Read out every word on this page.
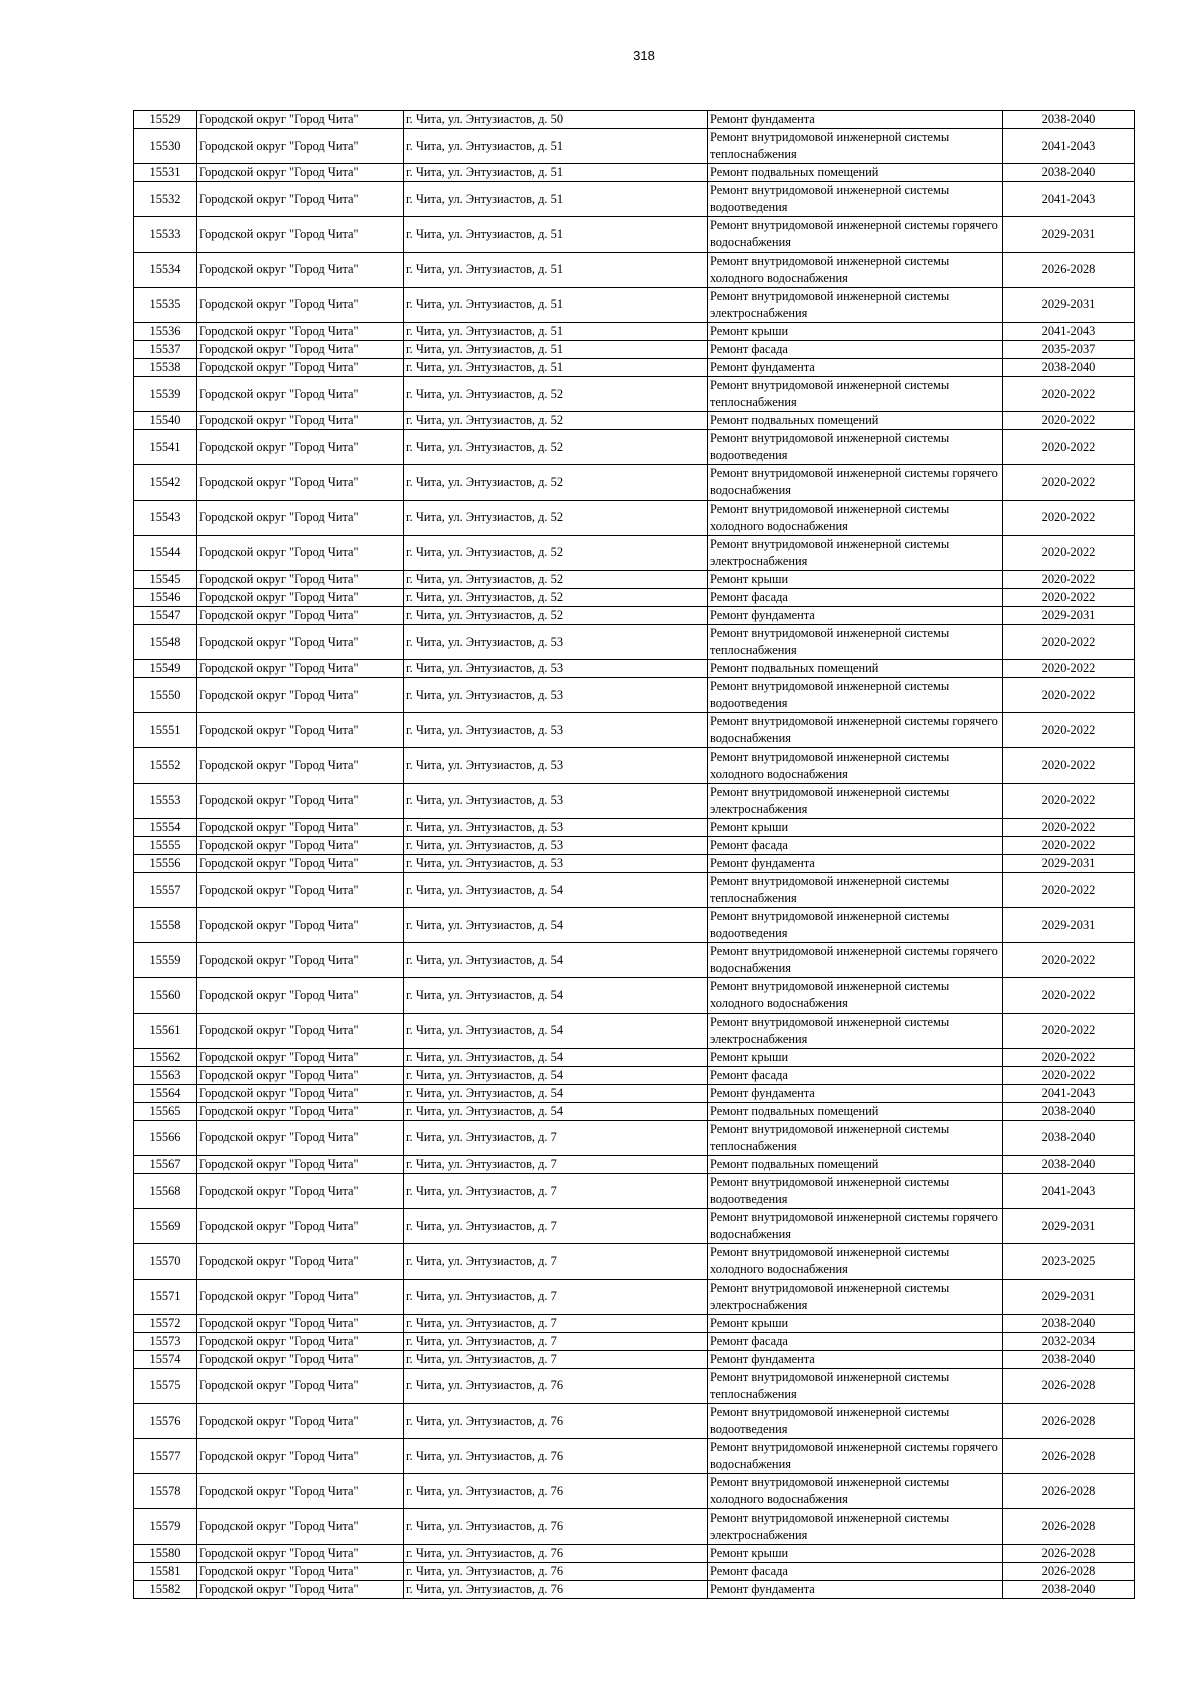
318
15529	Городской округ "Город Чита"	г. Чита, ул. Энтузиастов, д. 50	Ремонт фундамента	2038-2040
15530	Городской округ "Город Чита"	г. Чита, ул. Энтузиастов, д. 51	Ремонт внутридомовой инженерной системы теплоснабжения	2041-2043
15531	Городской округ "Город Чита"	г. Чита, ул. Энтузиастов, д. 51	Ремонт подвальных помещений	2038-2040
15532	Городской округ "Город Чита"	г. Чита, ул. Энтузиастов, д. 51	Ремонт внутридомовой инженерной системы водоотведения	2041-2043
15533	Городской округ "Город Чита"	г. Чита, ул. Энтузиастов, д. 51	Ремонт внутридомовой инженерной системы горячего водоснабжения	2029-2031
15534	Городской округ "Город Чита"	г. Чита, ул. Энтузиастов, д. 51	Ремонт внутридомовой инженерной системы холодного водоснабжения	2026-2028
15535	Городской округ "Город Чита"	г. Чита, ул. Энтузиастов, д. 51	Ремонт внутридомовой инженерной системы электроснабжения	2029-2031
15536	Городской округ "Город Чита"	г. Чита, ул. Энтузиастов, д. 51	Ремонт крыши	2041-2043
15537	Городской округ "Город Чита"	г. Чита, ул. Энтузиастов, д. 51	Ремонт фасада	2035-2037
15538	Городской округ "Город Чита"	г. Чита, ул. Энтузиастов, д. 51	Ремонт фундамента	2038-2040
15539	Городской округ "Город Чита"	г. Чита, ул. Энтузиастов, д. 52	Ремонт внутридомовой инженерной системы теплоснабжения	2020-2022
15540	Городской округ "Город Чита"	г. Чита, ул. Энтузиастов, д. 52	Ремонт подвальных помещений	2020-2022
15541	Городской округ "Город Чита"	г. Чита, ул. Энтузиастов, д. 52	Ремонт внутридомовой инженерной системы водоотведения	2020-2022
15542	Городской округ "Город Чита"	г. Чита, ул. Энтузиастов, д. 52	Ремонт внутридомовой инженерной системы горячего водоснабжения	2020-2022
15543	Городской округ "Город Чита"	г. Чита, ул. Энтузиастов, д. 52	Ремонт внутридомовой инженерной системы холодного водоснабжения	2020-2022
15544	Городской округ "Город Чита"	г. Чита, ул. Энтузиастов, д. 52	Ремонт внутридомовой инженерной системы электроснабжения	2020-2022
15545	Городской округ "Город Чита"	г. Чита, ул. Энтузиастов, д. 52	Ремонт крыши	2020-2022
15546	Городской округ "Город Чита"	г. Чита, ул. Энтузиастов, д. 52	Ремонт фасада	2020-2022
15547	Городской округ "Город Чита"	г. Чита, ул. Энтузиастов, д. 52	Ремонт фундамента	2029-2031
15548	Городской округ "Город Чита"	г. Чита, ул. Энтузиастов, д. 53	Ремонт внутридомовой инженерной системы теплоснабжения	2020-2022
15549	Городской округ "Город Чита"	г. Чита, ул. Энтузиастов, д. 53	Ремонт подвальных помещений	2020-2022
15550	Городской округ "Город Чита"	г. Чита, ул. Энтузиастов, д. 53	Ремонт внутридомовой инженерной системы водоотведения	2020-2022
15551	Городской округ "Город Чита"	г. Чита, ул. Энтузиастов, д. 53	Ремонт внутридомовой инженерной системы горячего водоснабжения	2020-2022
15552	Городской округ "Город Чита"	г. Чита, ул. Энтузиастов, д. 53	Ремонт внутридомовой инженерной системы холодного водоснабжения	2020-2022
15553	Городской округ "Город Чита"	г. Чита, ул. Энтузиастов, д. 53	Ремонт внутридомовой инженерной системы электроснабжения	2020-2022
15554	Городской округ "Город Чита"	г. Чита, ул. Энтузиастов, д. 53	Ремонт крыши	2020-2022
15555	Городской округ "Город Чита"	г. Чита, ул. Энтузиастов, д. 53	Ремонт фасада	2020-2022
15556	Городской округ "Город Чита"	г. Чита, ул. Энтузиастов, д. 53	Ремонт фундамента	2029-2031
15557	Городской округ "Город Чита"	г. Чита, ул. Энтузиастов, д. 54	Ремонт внутридомовой инженерной системы теплоснабжения	2020-2022
15558	Городской округ "Город Чита"	г. Чита, ул. Энтузиастов, д. 54	Ремонт внутридомовой инженерной системы водоотведения	2029-2031
15559	Городской округ "Город Чита"	г. Чита, ул. Энтузиастов, д. 54	Ремонт внутридомовой инженерной системы горячего водоснабжения	2020-2022
15560	Городской округ "Город Чита"	г. Чита, ул. Энтузиастов, д. 54	Ремонт внутридомовой инженерной системы холодного водоснабжения	2020-2022
15561	Городской округ "Город Чита"	г. Чита, ул. Энтузиастов, д. 54	Ремонт внутридомовой инженерной системы электроснабжения	2020-2022
15562	Городской округ "Город Чита"	г. Чита, ул. Энтузиастов, д. 54	Ремонт крыши	2020-2022
15563	Городской округ "Город Чита"	г. Чита, ул. Энтузиастов, д. 54	Ремонт фасада	2020-2022
15564	Городской округ "Город Чита"	г. Чита, ул. Энтузиастов, д. 54	Ремонт фундамента	2041-2043
15565	Городской округ "Город Чита"	г. Чита, ул. Энтузиастов, д. 54	Ремонт подвальных помещений	2038-2040
15566	Городской округ "Город Чита"	г. Чита, ул. Энтузиастов, д. 7	Ремонт внутридомовой инженерной системы теплоснабжения	2038-2040
15567	Городской округ "Город Чита"	г. Чита, ул. Энтузиастов, д. 7	Ремонт подвальных помещений	2038-2040
15568	Городской округ "Город Чита"	г. Чита, ул. Энтузиастов, д. 7	Ремонт внутридомовой инженерной системы водоотведения	2041-2043
15569	Городской округ "Город Чита"	г. Чита, ул. Энтузиастов, д. 7	Ремонт внутридомовой инженерной системы горячего водоснабжения	2029-2031
15570	Городской округ "Город Чита"	г. Чита, ул. Энтузиастов, д. 7	Ремонт внутридомовой инженерной системы холодного водоснабжения	2023-2025
15571	Городской округ "Город Чита"	г. Чита, ул. Энтузиастов, д. 7	Ремонт внутридомовой инженерной системы электроснабжения	2029-2031
15572	Городской округ "Город Чита"	г. Чита, ул. Энтузиастов, д. 7	Ремонт крыши	2038-2040
15573	Городской округ "Город Чита"	г. Чита, ул. Энтузиастов, д. 7	Ремонт фасада	2032-2034
15574	Городской округ "Город Чита"	г. Чита, ул. Энтузиастов, д. 7	Ремонт фундамента	2038-2040
15575	Городской округ "Город Чита"	г. Чита, ул. Энтузиастов, д. 76	Ремонт внутридомовой инженерной системы теплоснабжения	2026-2028
15576	Городской округ "Город Чита"	г. Чита, ул. Энтузиастов, д. 76	Ремонт внутридомовой инженерной системы водоотведения	2026-2028
15577	Городской округ "Город Чита"	г. Чита, ул. Энтузиастов, д. 76	Ремонт внутридомовой инженерной системы горячего водоснабжения	2026-2028
15578	Городской округ "Город Чита"	г. Чита, ул. Энтузиастов, д. 76	Ремонт внутридомовой инженерной системы холодного водоснабжения	2026-2028
15579	Городской округ "Город Чита"	г. Чита, ул. Энтузиастов, д. 76	Ремонт внутридомовой инженерной системы электроснабжения	2026-2028
15580	Городской округ "Город Чита"	г. Чита, ул. Энтузиастов, д. 76	Ремонт крыши	2026-2028
15581	Городской округ "Город Чита"	г. Чита, ул. Энтузиастов, д. 76	Ремонт фасада	2026-2028
15582	Городской округ "Город Чита"	г. Чита, ул. Энтузиастов, д. 76	Ремонт фундамента	2038-2040
